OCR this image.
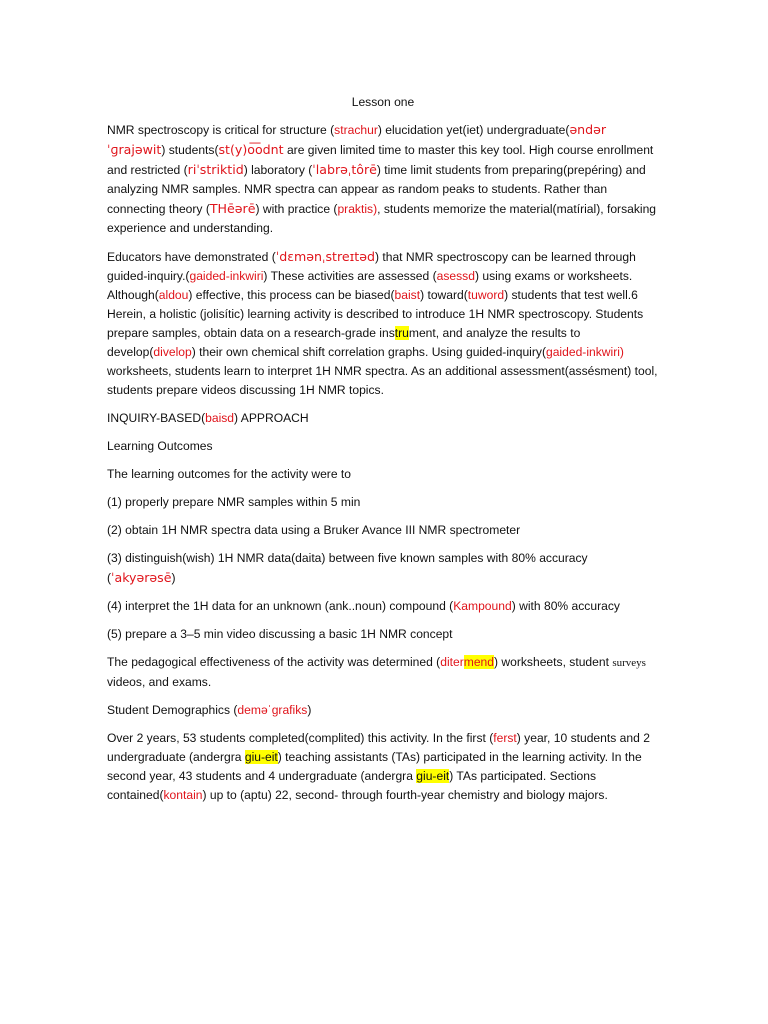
Lesson one

NMR spectroscopy is critical for structure (strachur) elucidation yet(iet) undergraduate(əndər ˈɡrajəwit) students(st(y)o͞odnt are given limited time to master this key tool. High course enrollment and restricted (riˈstriktid) laboratory (ˈlabrəˌtôrē) time limit students from preparing(prepéring) and analyzing NMR samples. NMR spectra can appear as random peaks to students. Rather than connecting theory (THēərē) with practice (praktis), students memorize the material(matírial), forsaking experience and understanding.

Educators have demonstrated (ˈdɛmənˌstreɪtəd) that NMR spectroscopy can be learned through guided-inquiry.(gaided-inkwiri) These activities are assessed (asessd) using exams or worksheets. Although(aldou) effective, this process can be biased(baist) toward(tuword) students that test well.6 Herein, a holistic (jolisític) learning activity is described to introduce 1H NMR spectroscopy. Students prepare samples, obtain data on a research-grade instrument, and analyze the results to develop(divelop) their own chemical shift correlation graphs. Using guided-inquiry(gaided-inkwiri) worksheets, students learn to interpret 1H NMR spectra. As an additional assessment(assésment) tool, students prepare videos discussing 1H NMR topics.

INQUIRY-BASED(baisd) APPROACH

Learning Outcomes

The learning outcomes for the activity were to

(1) properly prepare NMR samples within 5 min

(2) obtain 1H NMR spectra data using a Bruker Avance III NMR spectrometer

(3) distinguish(wish) 1H NMR data(daita) between five known samples with 80% accuracy (ˈakyərəsē)

(4) interpret the 1H data for an unknown (ank..noun) compound (Kampound) with 80% accuracy

(5) prepare a 3–5 min video discussing a basic 1H NMR concept

The pedagogical effectiveness of the activity was determined (ditermend) worksheets, student surveys videos, and exams.

Student Demographics (deməˈgrafiks)

Over 2 years, 53 students completed(complited) this activity. In the first (ferst) year, 10 students and 2 undergraduate (andergra giu-eit) teaching assistants (TAs) participated in the learning activity. In the second year, 43 students and 4 undergraduate (andergra giu-eit) TAs participated. Sections contained(kontain) up to (aptu) 22, second- through fourth-year chemistry and biology majors.
